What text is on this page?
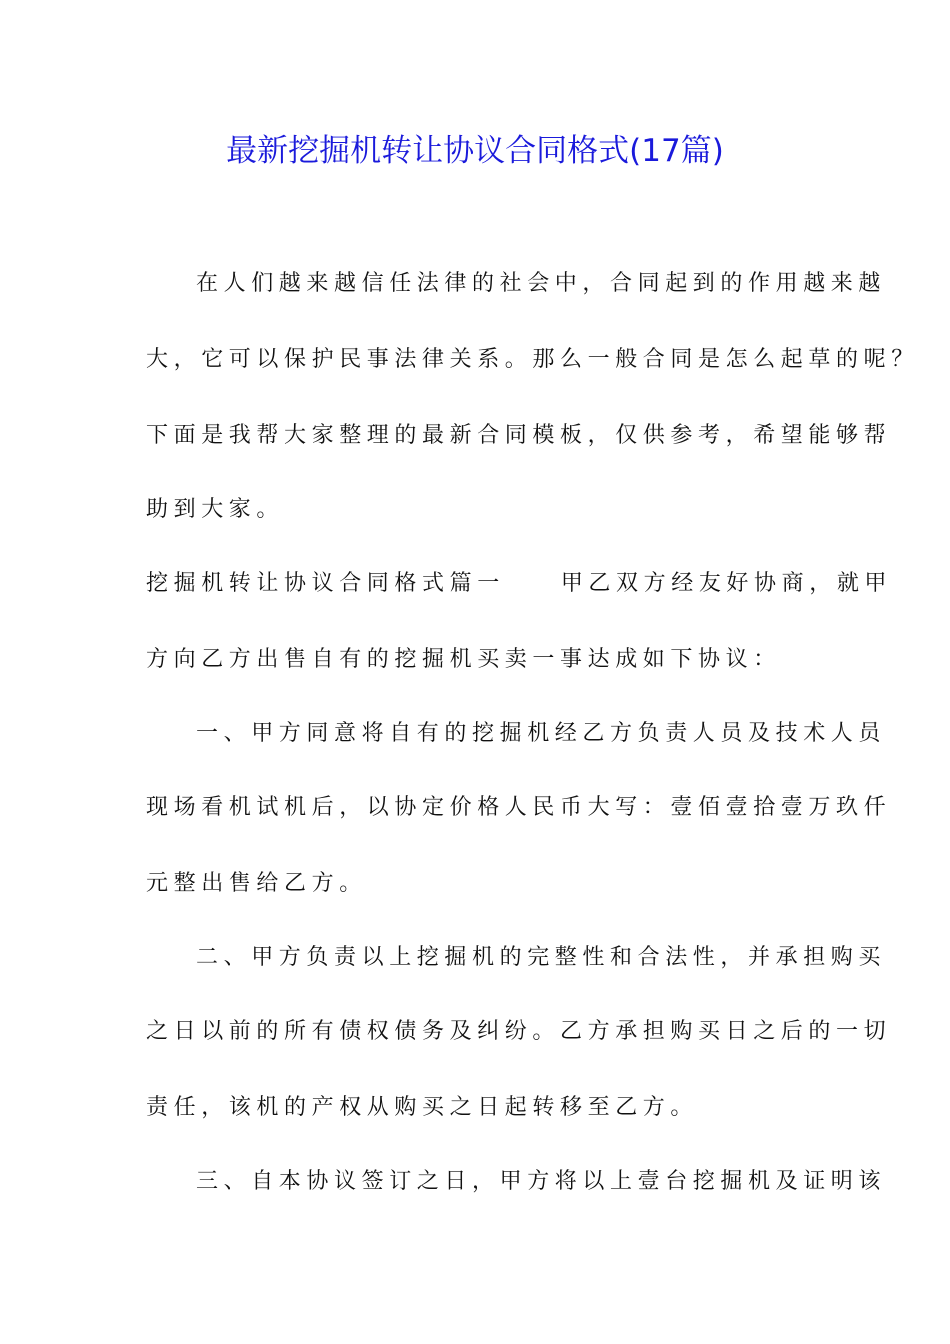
最新挖掘机转让协议合同格式(17篇)
在人们越来越信任法律的社会中，合同起到的作用越来越
大，它可以保护民事法律关系。那么一般合同是怎么起草的呢？
下面是我帮大家整理的最新合同模板，仅供参考，希望能够帮
助到大家。
挖掘机转让协议合同格式篇一	甲乙双方经友好协商，就甲
方向乙方出售自有的挖掘机买卖一事达成如下协议：
一、甲方同意将自有的挖掘机经乙方负责人员及技术人员
现场看机试机后，以协定价格人民币大写：壹佰壹拾壹万玖仟
元整出售给乙方。
二、甲方负责以上挖掘机的完整性和合法性，并承担购买
之日以前的所有债权债务及纠纷。乙方承担购买日之后的一切
责任，该机的产权从购买之日起转移至乙方。
三、自本协议签订之日，甲方将以上壹台挖掘机及证明该
